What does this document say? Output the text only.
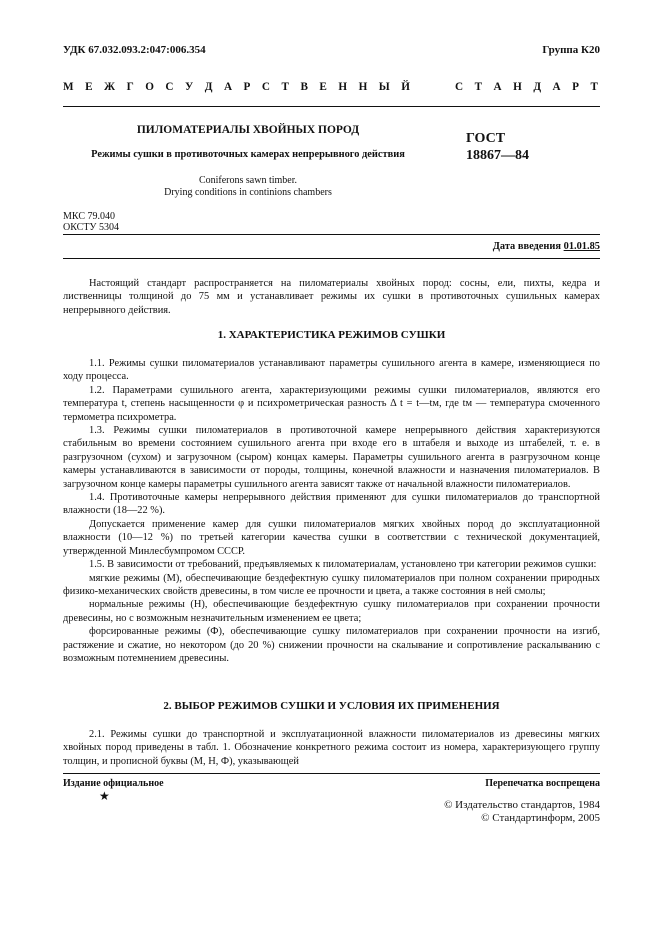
УДК 67.032.093.2:047:006.354	Группа К20
М Е Ж Г О С У Д А Р С Т В Е Н Н Ы Й	С Т А Н Д А Р Т
ПИЛОМАТЕРИАЛЫ ХВОЙНЫХ ПОРОД
Режимы сушки в противоточных камерах непрерывного действия
Coniferons sawn timber.
Drying conditions in continions chambers
ГОСТ
18867—84
МКС 79.040
ОКСТУ 5304
Дата введения 01.01.85

Настоящий стандарт распространяется на пиломатериалы хвойных пород: сосны, ели, пихты, кедра и лиственницы толщиной до 75 мм и устанавливает режимы их сушки в противоточных сушильных камерах непрерывного действия.

1. ХАРАКТЕРИСТИКА РЕЖИМОВ СУШКИ

1.1. Режимы сушки пиломатериалов устанавливают параметры сушильного агента в камере, изменяющиеся по ходу процесса.

1.2. Параметрами сушильного агента, характеризующими режимы сушки пиломатериалов, являются его температура t, степень насыщенности φ и психрометрическая разность Δ t = t—tм, где tм — температура смоченного термометра психрометра.

1.3. Режимы сушки пиломатериалов в противоточной камере непрерывного действия характеризуются стабильным во времени состоянием сушильного агента при входе его в штабеля и выходе из штабелей, т. е. в разгрузочном (сухом) и загрузочном (сыром) концах камеры. Параметры сушильного агента в разгрузочном конце камеры устанавливаются в зависимости от породы, толщины, конечной влажности и назначения пиломатериалов. В загрузочном конце камеры параметры сушильного агента зависят также от начальной влажности пиломатериалов.

1.4. Противоточные камеры непрерывного действия применяют для сушки пиломатериалов до транспортной влажности (18—22 %).

Допускается применение камер для сушки пиломатериалов мягких хвойных пород до эксплуатационной влажности (10—12 %) по третьей категории качества сушки в соответствии с технической документацией, утвержденной Минлесбумпромом СССР.

1.5. В зависимости от требований, предъявляемых к пиломатериалам, установлено три категории режимов сушки:

мягкие режимы (М), обеспечивающие бездефектную сушку пиломатериалов при полном сохранении природных физико-механических свойств древесины, в том числе ее прочности и цвета, а также состояния в ней смолы;

нормальные режимы (Н), обеспечивающие бездефектную сушку пиломатериалов при сохранении прочности древесины, но с возможным незначительным изменением ее цвета;

форсированные режимы (Ф), обеспечивающие сушку пиломатериалов при сохранении прочности на изгиб, растяжение и сжатие, но некотором (до 20 %) снижении прочности на скалывание и сопротивление раскалыванию с возможным потемнением древесины.

2. ВЫБОР РЕЖИМОВ СУШКИ И УСЛОВИЯ ИХ ПРИМЕНЕНИЯ

2.1. Режимы сушки до транспортной и эксплуатационной влажности пиломатериалов из древесины мягких хвойных пород приведены в табл. 1. Обозначение конкретного режима состоит из номера, характеризующего группу толщин, и прописной буквы (М, Н, Ф), указывающей

Издание официальное	Перепечатка воспрещена
★
© Издательство стандартов, 1984
© Стандартинформ, 2005
